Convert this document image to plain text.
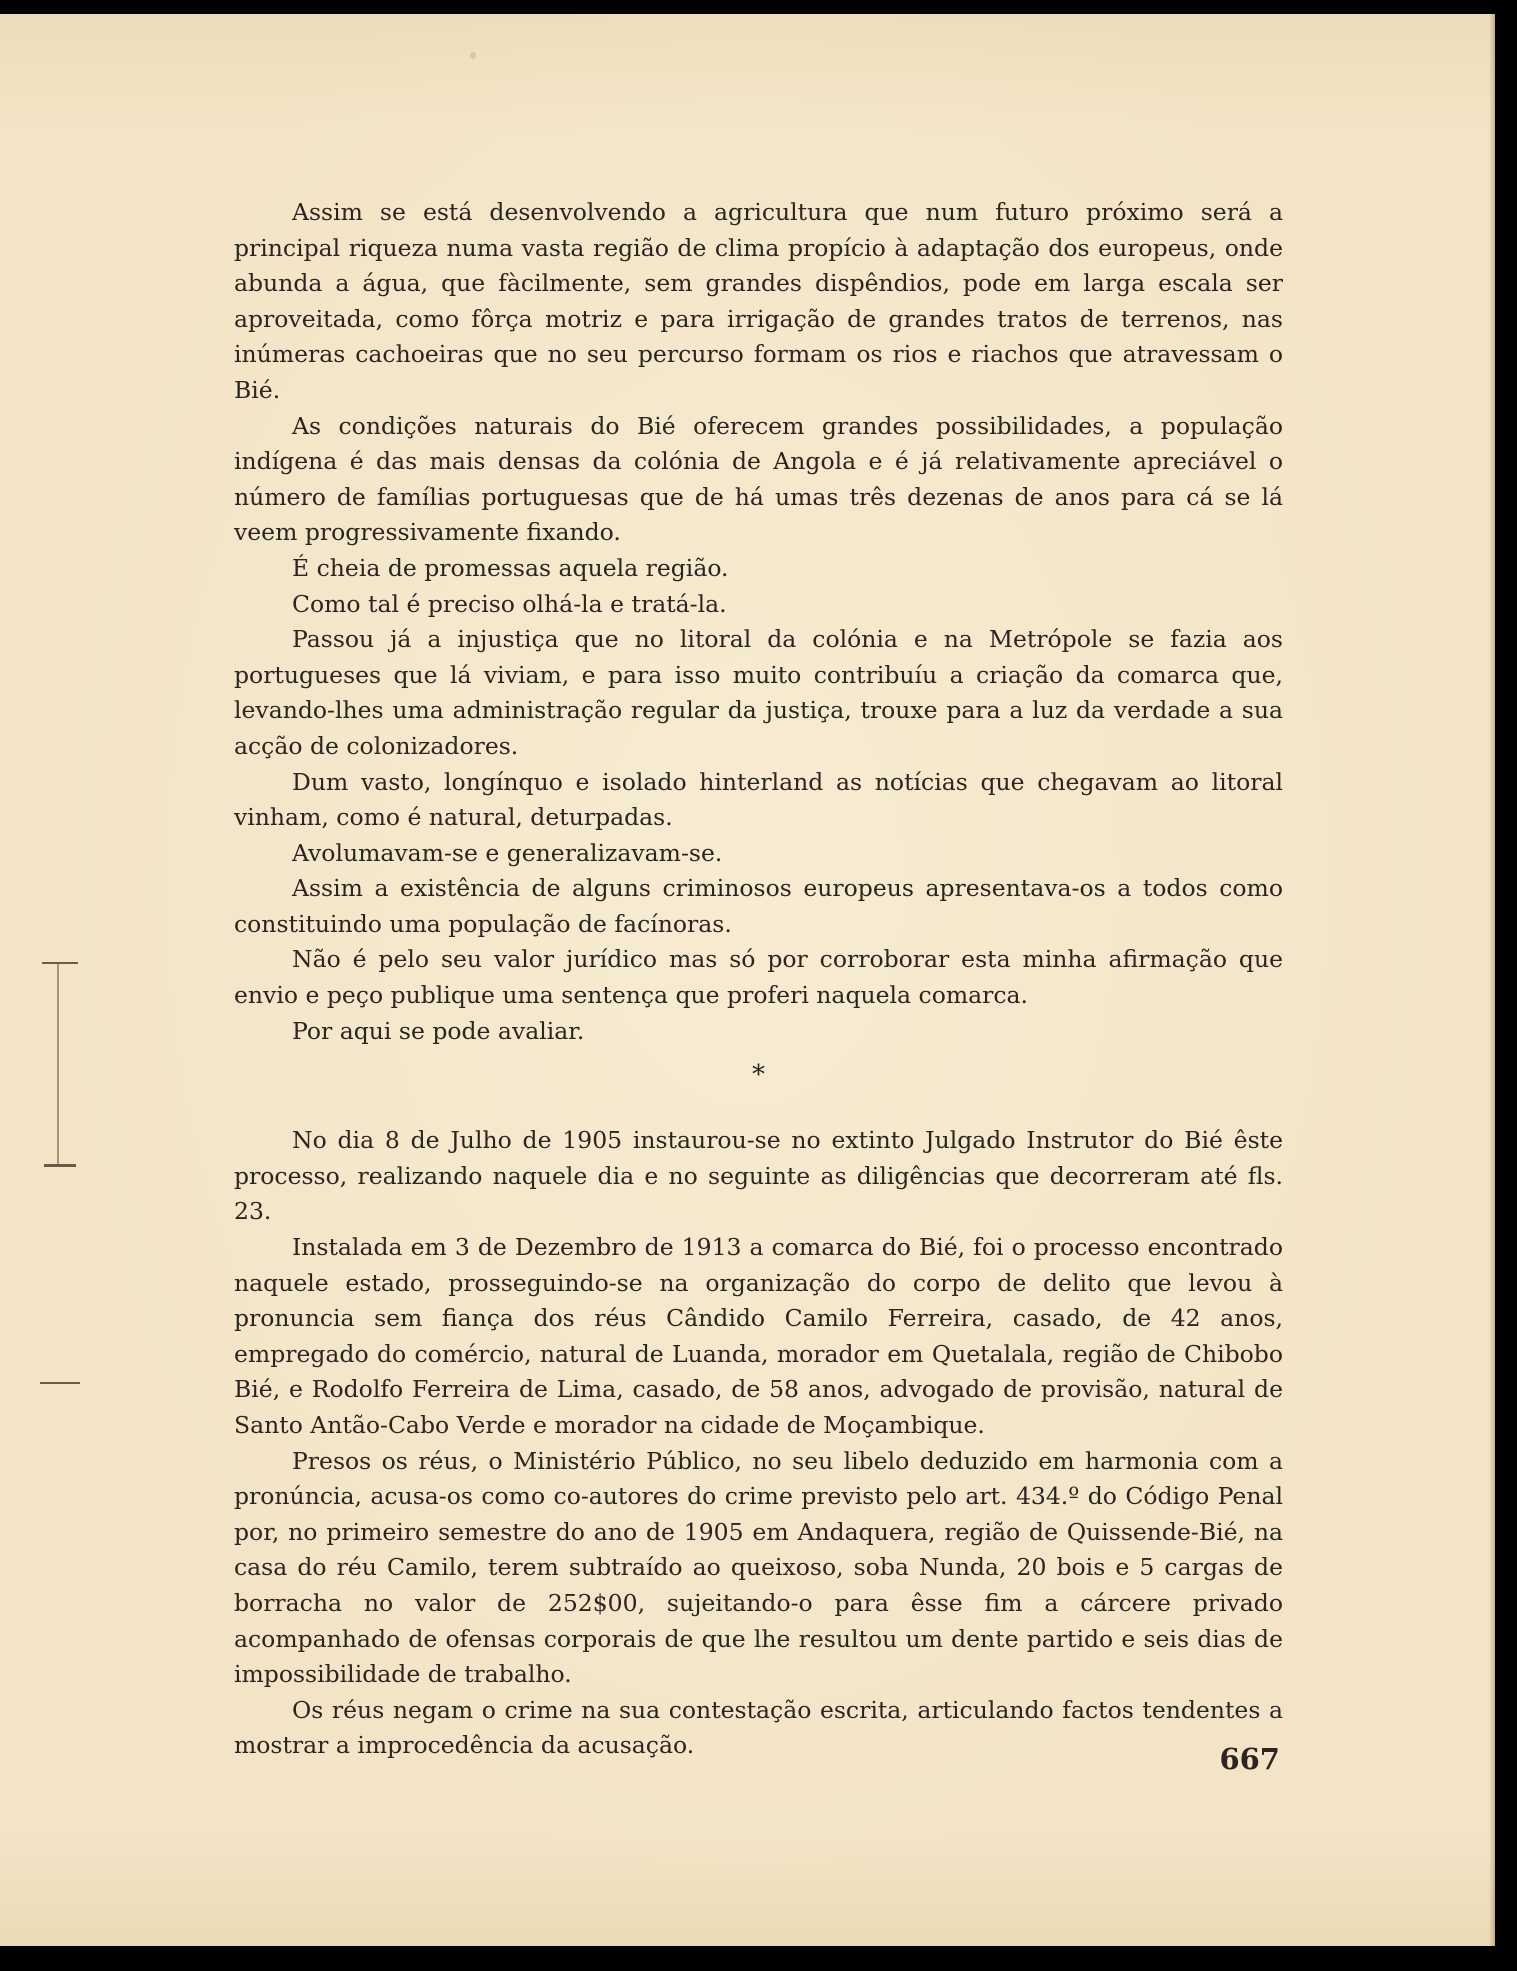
Assim se está desenvolvendo a agricultura que num futuro próximo será a principal riqueza numa vasta região de clima propício à adaptação dos europeus, onde abunda a água, que fàcilmente, sem grandes dispêndios, pode em larga escala ser aproveitada, como fôrça motriz e para irrigação de grandes tratos de terrenos, nas inúmeras cachoeiras que no seu percurso formam os rios e riachos que atravessam o Bié.

As condições naturais do Bié oferecem grandes possibilidades, a população indígena é das mais densas da colónia de Angola e é já relativamente apreciável o número de famílias portuguesas que de há umas três dezenas de anos para cá se lá veem progressivamente fixando.

É cheia de promessas aquela região.

Como tal é preciso olhá-la e tratá-la.

Passou já a injustiça que no litoral da colónia e na Metrópole se fazia aos portugueses que lá viviam, e para isso muito contribuíu a criação da comarca que, levando-lhes uma administração regular da justiça, trouxe para a luz da verdade a sua acção de colonizadores.

Dum vasto, longínquo e isolado hinterland as notícias que chegavam ao litoral vinham, como é natural, deturpadas.

Avolumavam-se e generalizavam-se.

Assim a existência de alguns criminosos europeus apresentava-os a todos como constituindo uma população de facínoras.

Não é pelo seu valor jurídico mas só por corroborar esta minha afirmação que envio e peço publique uma sentença que proferi naquela comarca.

Por aqui se pode avaliar.

*

No dia 8 de Julho de 1905 instaurou-se no extinto Julgado Instrutor do Bié êste processo, realizando naquele dia e no seguinte as diligências que decorreram até fls. 23.

Instalada em 3 de Dezembro de 1913 a comarca do Bié, foi o processo encontrado naquele estado, prosseguindo-se na organização do corpo de delito que levou à pronuncia sem fiança dos réus Cândido Camilo Ferreira, casado, de 42 anos, empregado do comércio, natural de Luanda, morador em Quetalala, região de Chibobo Bié, e Rodolfo Ferreira de Lima, casado, de 58 anos, advogado de provisão, natural de Santo Antão-Cabo Verde e morador na cidade de Moçambique.

Presos os réus, o Ministério Público, no seu libelo deduzido em harmonia com a pronúncia, acusa-os como co-autores do crime previsto pelo art. 434.º do Código Penal por, no primeiro semestre do ano de 1905 em Andaquera, região de Quissende-Bié, na casa do réu Camilo, terem subtraído ao queixoso, soba Nunda, 20 bois e 5 cargas de borracha no valor de 252$00, sujeitando-o para êsse fim a cárcere privado acompanhado de ofensas corporais de que lhe resultou um dente partido e seis dias de impossibilidade de trabalho.

Os réus negam o crime na sua contestação escrita, articulando factos tendentes a mostrar a improcedência da acusação.	667
